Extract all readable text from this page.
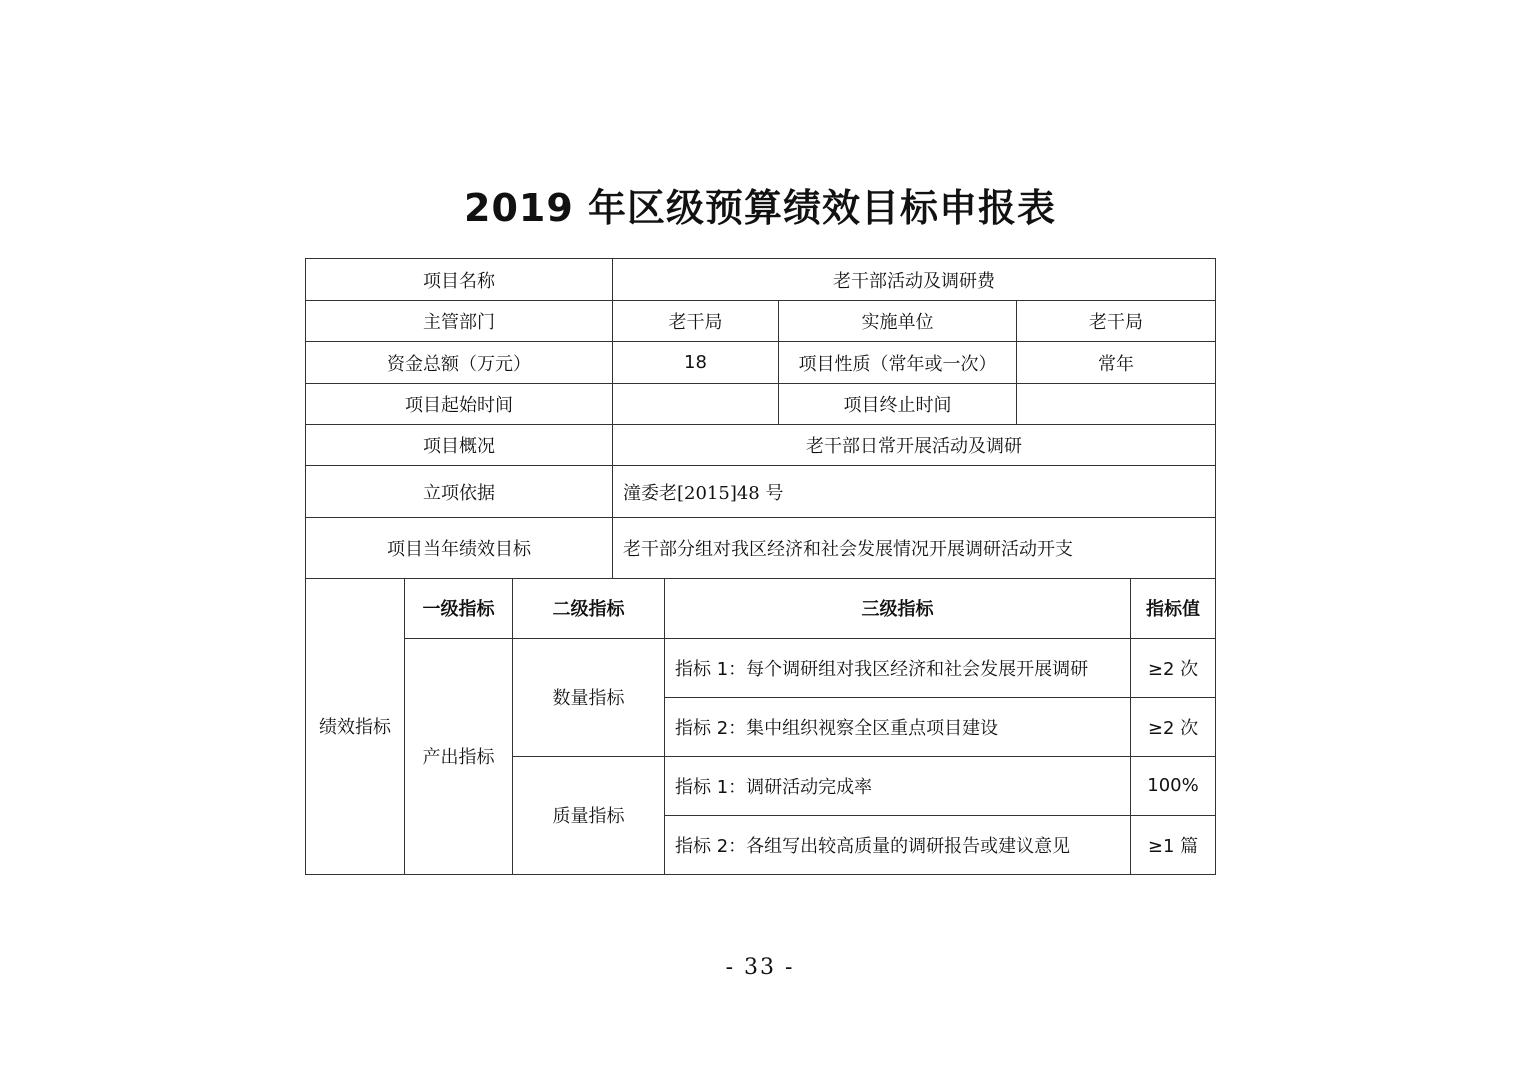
2019 年区级预算绩效目标申报表
项目名称	老干部活动及调研费		
主管部门	老干局	实施单位	老干局
资金总额（万元）	18	项目性质（常年或一次）	常年
项目起始时间		项目终止时间	
项目概况	老干部日常开展活动及调研		
立项依据	潼委老[2015]48 号		
项目当年绩效目标	老干部分组对我区经济和社会发展情况开展调研活动开支		
绩效指标	一级指标	二级指标	三级指标	指标值
	产出指标	数量指标	指标 1：每个调研组对我区经济和社会发展开展调研	≥2 次
			指标 2：集中组织视察全区重点项目建设	≥2 次
		质量指标	指标 1：调研活动完成率	100%
			指标 2：各组写出较高质量的调研报告或建议意见	≥1 篇
- 33 -
